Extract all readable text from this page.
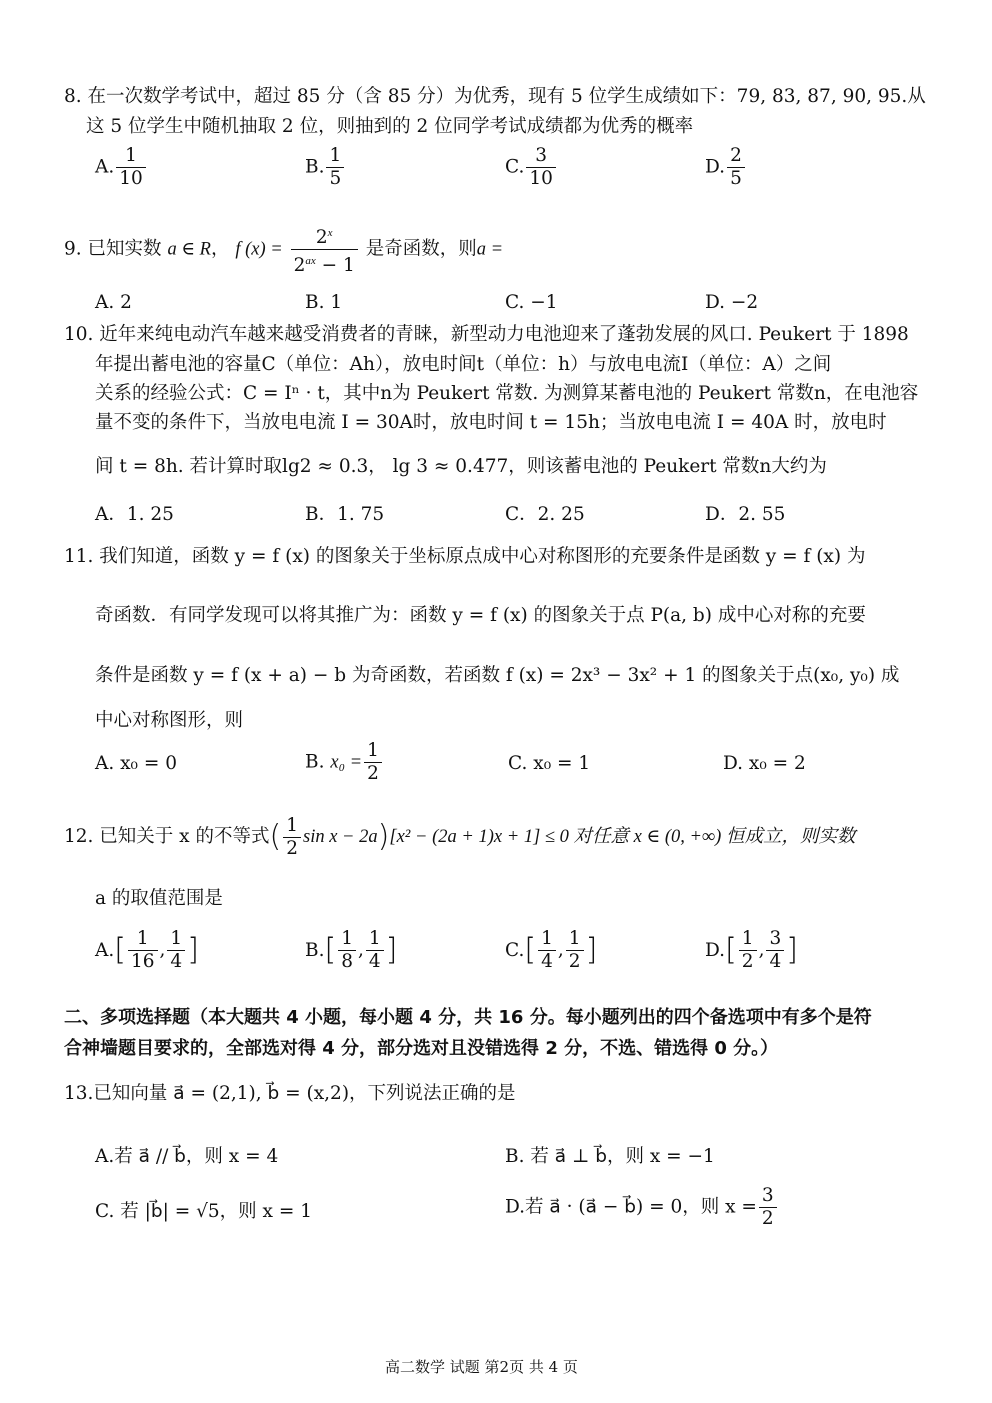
8. 在一次数学考试中，超过 85 分（含 85 分）为优秀，现有 5 位学生成绩如下：79, 83, 87, 90, 95.从
这 5 位学生中随机抽取 2 位，则抽到的 2 位同学考试成绩都为优秀的概率
A. $\frac{1}{10}$	B. $\frac{1}{5}$	C. $\frac{3}{10}$	D. $\frac{2}{5}$
9. 已知实数 a ∈ R， f $(x) = \frac{2^x}{2^{ax} - 1}$ 是奇函数，则a =
A. 2	B. 1	C. −1	D. −2
10. 近年来纯电动汽车越来越受消费者的青睐，新型动力电池迎来了蓬勃发展的风口. Peukert 于 1898
年提出蓄电池的容量C（单位：Ah），放电时间t（单位：h）与放电电流I（单位：A）之间
关系的经验公式：C = Iⁿ · t，其中n为 Peukert 常数. 为测算某蓄电池的 Peukert 常数n，在电池容
量不变的条件下，当放电电流 I = 30A时，放电时间 t = 15h；当放电电流 I = 40A 时，放电时
间 t = 8h. 若计算时取lg2 ≈ 0.3， lg 3 ≈ 0.477，则该蓄电池的 Peukert 常数n大约为
A．1. 25	B．1. 75	C．2. 25	D．2. 55
11. 我们知道，函数 y = f (x) 的图象关于坐标原点成中心对称图形的充要条件是函数 y = f (x) 为
奇函数．有同学发现可以将其推广为：函数 y = f (x) 的图象关于点 P(a, b) 成中心对称的充要
条件是函数 y = f (x + a) − b 为奇函数，若函数 f (x) = 2x³ − 3x² + 1 的图象关于点(x₀, y₀) 成
中心对称图形，则
A. x₀ = 0	B. $x_0 = \frac{1}{2}$	C. x₀ = 1	D. x₀ = 2
12. 已知关于 x 的不等式( $\frac{1}{2}$ sin x − 2a)[x² − (2a + 1)x + 1] ≤ 0 对任意 x ∈ (0, +∞) 恒成立，则实数
a 的取值范围是
$A.[ \frac{1}{16}$ , $\frac{1}{4}$ ]	$B.[ \frac{1}{8}$ , $\frac{1}{4}$ ]	$C.[ \frac{1}{4}$ , $\frac{1}{2}$ ]	$D.[ \frac{1}{2}$ , $\frac{3}{4}$ ]
二、多项选择题（本大题共 4 小题，每小题 4 分，共 16 分。每小题列出的四个备选项中有多个是符
合神墙题目要求的，全部选对得 4 分，部分选对且没错选得 2 分，不选、错选得 0 分。）
13.已知向量 a⃗ = (2,1), b⃗ = (x,2)，下列说法正确的是
A.若 a⃗ // b⃗，则 x = 4	B. 若 a⃗ ⊥ b⃗，则 x = −1
C. 若 |b⃗| = √5，则 x = 1	D.若 a⃗ · (a⃗ − b⃗) = 0，则 $x = \frac{3}{2}$
高二数学 试题 第2页 共 4 页
